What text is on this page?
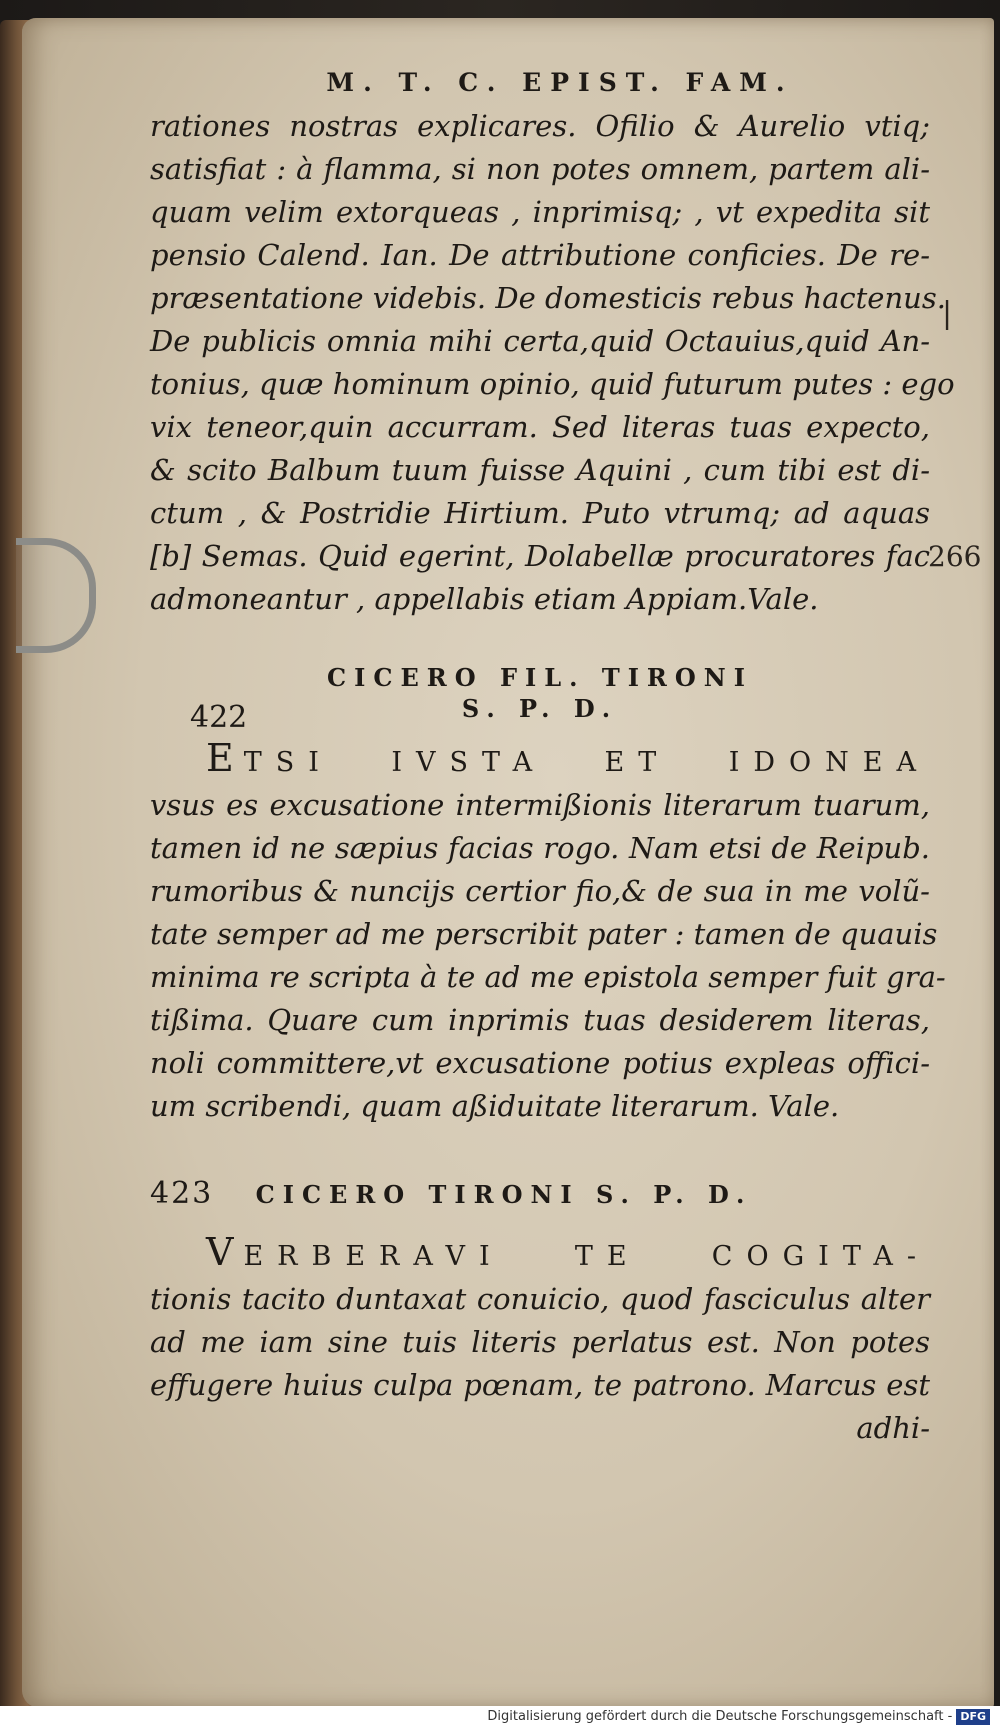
M. T. C. EPIST. FAM.
rationes nostras explicares. Ofilio & Aurelio vtiq;
satisfiat : à flamma, si non potes omnem, partem ali-
quam velim extorqueas , inprimisq; , vt expedita sit
pensio Calend. Ian. De attributione conficies. De re-
præsentatione videbis. De domesticis rebus hactenus.
De publicis omnia mihi certa,quid Octauius,quid An-
tonius, quæ hominum opinio, quid futurum putes : ego
vix teneor,quin accurram. Sed literas tuas expecto,
& scito Balbum tuum fuisse Aquini , cum tibi est di-
ctum , & Postridie Hirtium. Puto vtrumq; ad aquas
[b] Semas. Quid egerint, Dolabellæ procuratores fac
admoneantur , appellabis etiam Appiam.Vale.
CICERO FIL. TIRONI
S. P. D.
ETSI IVSTA ET IDONEA
vsus es excusatione intermißionis literarum tuarum,
tamen id ne sæpius facias rogo. Nam etsi de Reipub.
rumoribus & nuncijs certior fio,& de sua in me volũ-
tate semper ad me perscribit pater : tamen de quauis
minima re scripta à te ad me epistola semper fuit gra-
tißima. Quare cum inprimis tuas desiderem literas,
noli committere,vt excusatione potius expleas offici-
um scribendi, quam aßiduitate literarum. Vale.
423 CICERO TIRONI S. P. D.
VERBERAVI TE COGITA-
tionis tacito duntaxat conuicio, quod fasciculus alter
ad me iam sine tuis literis perlatus est. Non potes
effugere huius culpa pœnam, te patrono. Marcus est
adhi-
422
|
266
Digitalisierung gefördert durch die Deutsche Forschungsgemeinschaft - DFG
